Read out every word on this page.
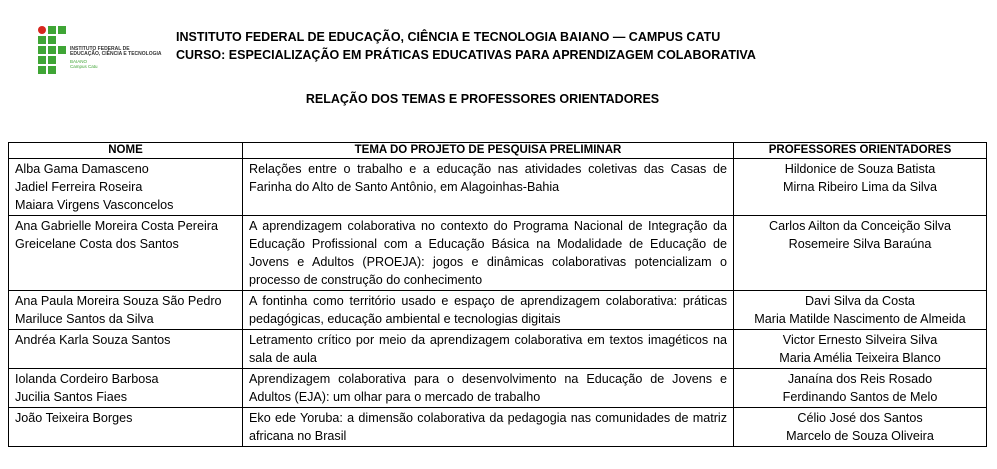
INSTITUTO FEDERAL DE
EDUCAÇÃO, CIÊNCIA E TECNOLOGIA
BAIANO
Campus Catu
INSTITUTO FEDERAL DE EDUCAÇÃO, CIÊNCIA E TECNOLOGIA BAIANO — CAMPUS CATU
CURSO: ESPECIALIZAÇÃO EM PRÁTICAS EDUCATIVAS PARA APRENDIZAGEM COLABORATIVA
RELAÇÃO DOS TEMAS E PROFESSORES ORIENTADORES
NOME	TEMA DO PROJETO DE PESQUISA PRELIMINAR	PROFESSORES ORIENTADORES

Alba Gama Damasceno
Jadiel Ferreira Roseira
Maiara Virgens Vasconcelos	Relações entre o trabalho e a educação nas atividades coletivas das Casas de Farinha do Alto de Santo Antônio, em Alagoinhas-Bahia	Hildonice de Souza Batista
Mirna Ribeiro Lima da Silva

Ana Gabrielle Moreira Costa Pereira
Greicelane Costa dos Santos	A aprendizagem colaborativa no contexto do Programa Nacional de Integração da Educação Profissional com a Educação Básica na Modalidade de Educação de Jovens e Adultos (PROEJA): jogos e dinâmicas colaborativas potencializam o processo de construção do conhecimento	Carlos Ailton da Conceição Silva
Rosemeire Silva Baraúna

Ana Paula Moreira Souza São Pedro
Mariluce Santos da Silva	A fontinha como território usado e espaço de aprendizagem colaborativa: práticas pedagógicas, educação ambiental e tecnologias digitais	Davi Silva da Costa
Maria Matilde Nascimento de Almeida

Andréa Karla Souza Santos	Letramento crítico por meio da aprendizagem colaborativa em textos imagéticos na sala de aula	Victor Ernesto Silveira Silva
Maria Amélia Teixeira Blanco

Iolanda Cordeiro Barbosa
Jucilia Santos Fiaes	Aprendizagem colaborativa para o desenvolvimento na Educação de Jovens e Adultos (EJA): um olhar para o mercado de trabalho	Janaína dos Reis Rosado
Ferdinando Santos de Melo

João Teixeira Borges	Eko ede Yoruba: a dimensão colaborativa da pedagogia nas comunidades de matriz africana no Brasil	Célio José dos Santos
Marcelo de Souza Oliveira
